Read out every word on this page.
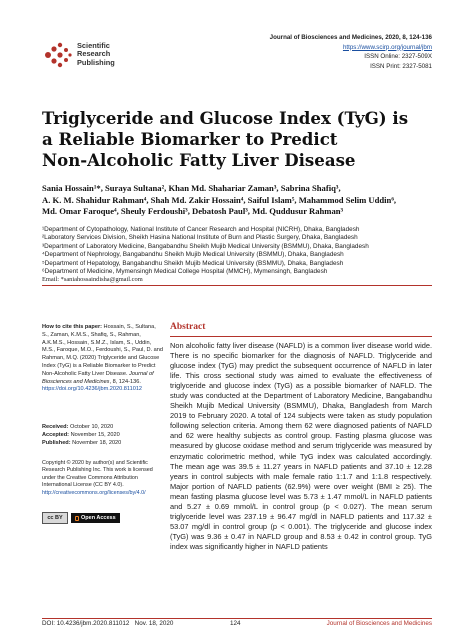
Scientific
Research
Publishing
Journal of Biosciences and Medicines, 2020, 8, 124-136
https://www.scirp.org/journal/jbm
ISSN Online: 2327-509X
ISSN Print: 2327-5081
Triglyceride and Glucose Index (TyG) is
a Reliable Biomarker to Predict
Non-Alcoholic Fatty Liver Disease
Sania Hossain¹*, Suraya Sultana², Khan Md. Shahariar Zaman³, Sabrina Shafiq³,
A. K. M. Shahidur Rahman⁴, Shah Md. Zakir Hossain⁴, Saiful Islam⁵, Mahammod Selim Uddin⁶,
Md. Omar Faroque⁴, Sheuly Ferdoushi³, Debatosh Paul³, Md. Quddusur Rahman³
¹Department of Cytopathology, National Institute of Cancer Research and Hospital (NICRH), Dhaka, Bangladesh
²Laboratory Services Division, Sheikh Hasina National Institute of Burn and Plastic Surgery, Dhaka, Bangladesh
³Department of Laboratory Medicine, Bangabandhu Sheikh Mujib Medical University (BSMMU), Dhaka, Bangladesh
⁴Department of Nephrology, Bangabandhu Sheikh Mujib Medical University (BSMMU), Dhaka, Bangladesh
⁵Department of Hepatology, Bangabandhu Sheikh Mujib Medical University (BSMMU), Dhaka, Bangladesh
⁶Department of Medicine, Mymensingh Medical College Hospital (MMCH), Mymensingh, Bangladesh
Email: *saniahossaindisha@gmail.com
How to cite this paper: Hossain, S., Sultana, S., Zaman, K.M.S., Shafiq, S., Rahman, A.K.M.S., Hossain, S.M.Z., Islam, S., Uddin, M.S., Faroque, M.O., Ferdoushi, S., Paul, D. and Rahman, M.Q. (2020) Triglyceride and Glucose Index (TyG) is a Reliable Biomarker to Predict Non-Alcoholic Fatty Liver Disease. Journal of Biosciences and Medicines, 8, 124-136.
https://doi.org/10.4236/jbm.2020.811012
Received: October 10, 2020
Accepted: November 15, 2020
Published: November 18, 2020
Copyright © 2020 by author(s) and Scientific Research Publishing Inc. This work is licensed under the Creative Commons Attribution International License (CC BY 4.0).
http://creativecommons.org/licenses/by/4.0/
cc BY	Open Access
Abstract
Non alcoholic fatty liver disease (NAFLD) is a common liver disease world wide. There is no specific biomarker for the diagnosis of NAFLD. Triglyceride and glucose index (TyG) may predict the subsequent occurrence of NAFLD in later life. This cross sectional study was aimed to evaluate the effectiveness of triglyceride and glucose index (TyG) as a possible biomarker of NAFLD. The study was conducted at the Department of Laboratory Medicine, Bangabandhu Sheikh Mujib Medical University (BSMMU), Dhaka, Bangladesh from March 2019 to February 2020. A total of 124 subjects were taken as study population following selection criteria. Among them 62 were diagnosed patients of NAFLD and 62 were healthy subjects as control group. Fasting plasma glucose was measured by glucose oxidase method and serum triglyceride was measured by enzymatic colorimetric method, while TyG index was calculated accordingly. The mean age was 39.5 ± 11.27 years in NAFLD patients and 37.10 ± 12.28 years in control subjects with male female ratio 1:1.7 and 1:1.8 respectively. Major portion of NAFLD patients (62.9%) were over weight (BMI ≥ 25). The mean fasting plasma glucose level was 5.73 ± 1.47 mmol/L in NAFLD patients and 5.27 ± 0.69 mmol/L in control group (p < 0.027). The mean serum triglyceride level was 237.19 ± 96.47 mg/dl in NAFLD patients and 117.32 ± 53.07 mg/dl in control group (p < 0.001). The triglyceride and glucose index (TyG) was 9.36 ± 0.47 in NAFLD group and 8.53 ± 0.42 in control group. TyG index was significantly higher in NAFLD patients
DOI: 10.4236/jbm.2020.811012 Nov. 18, 2020	124	Journal of Biosciences and Medicines
